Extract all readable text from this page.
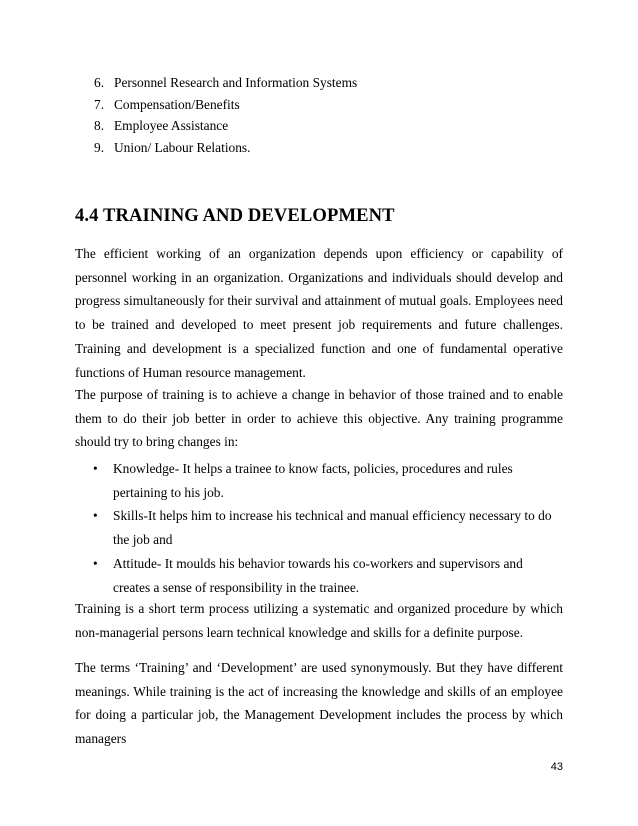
6. Personnel Research and Information Systems
7. Compensation/Benefits
8. Employee Assistance
9. Union/ Labour Relations.
4.4 TRAINING AND DEVELOPMENT

The efficient working of an organization depends upon efficiency or capability of personnel working in an organization. Organizations and individuals should develop and progress simultaneously for their survival and attainment of mutual goals. Employees need to be trained and developed to meet present job requirements and future challenges. Training and development is a specialized function and one of fundamental operative functions of Human resource management.

The purpose of training is to achieve a change in behavior of those trained and to enable them to do their job better in order to achieve this objective. Any training programme should try to bring changes in:

• Knowledge- It helps a trainee to know facts, policies, procedures and rules pertaining to his job.
• Skills-It helps him to increase his technical and manual efficiency necessary to do the job and
• Attitude- It moulds his behavior towards his co-workers and supervisors and creates a sense of responsibility in the trainee.

Training is a short term process utilizing a systematic and organized procedure by which non-managerial persons learn technical knowledge and skills for a definite purpose.

The terms ‘Training’ and ‘Development’ are used synonymously. But they have different meanings. While training is the act of increasing the knowledge and skills of an employee for doing a particular job, the Management Development includes the process by which managers

43
